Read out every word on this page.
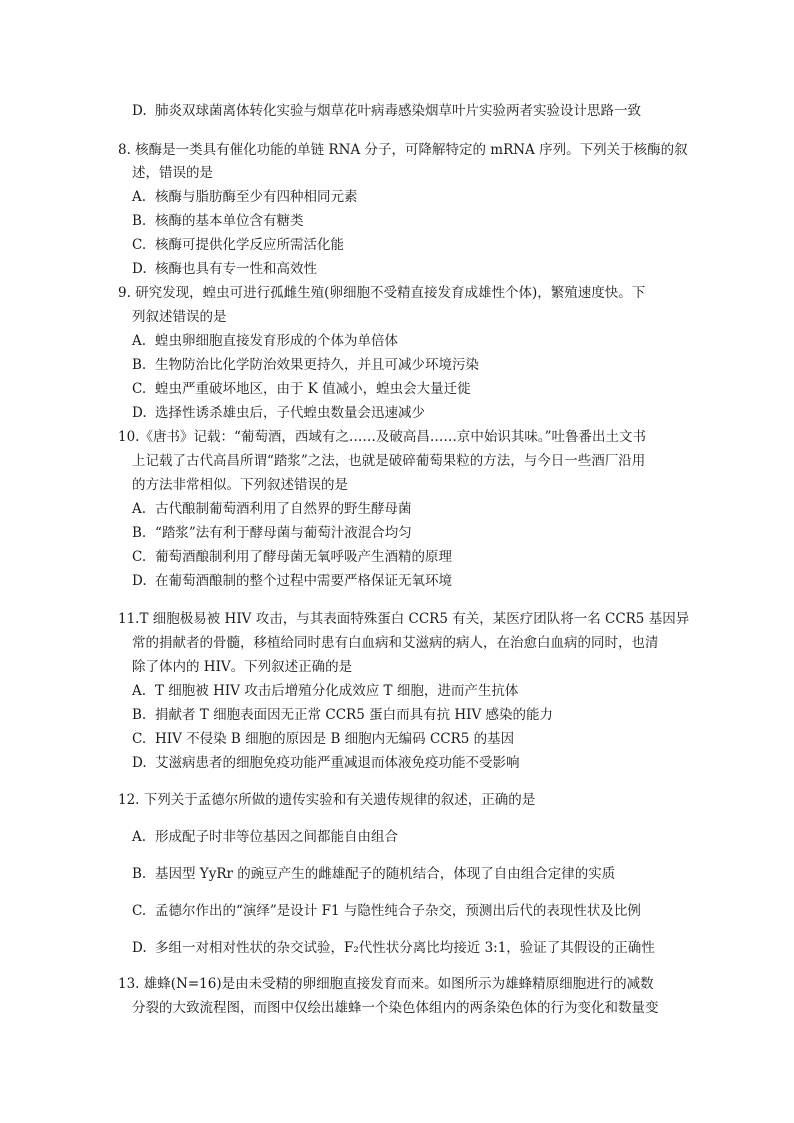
D. 肺炎双球菌离体转化实验与烟草花叶病毒感染烟草叶片实验两者实验设计思路一致
8. 核酶是一类具有催化功能的单链 RNA 分子，可降解特定的 mRNA 序列。下列关于核酶的叙
述，错误的是
A. 核酶与脂肪酶至少有四种相同元素
B. 核酶的基本单位含有糖类
C. 核酶可提供化学反应所需活化能
D. 核酶也具有专一性和高效性
9. 研究发现，蝗虫可进行孤雌生殖(卵细胞不受精直接发育成雄性个体)，繁殖速度快。下
列叙述错误的是
A. 蝗虫卵细胞直接发育形成的个体为单倍体
B. 生物防治比化学防治效果更持久，并且可减少环境污染
C. 蝗虫严重破坏地区，由于 K 值减小，蝗虫会大量迁徙
D. 选择性诱杀雄虫后，子代蝗虫数量会迅速减少
10.《唐书》记载：“葡萄酒，西域有之……及破高昌……京中始识其味。”吐鲁番出土文书
上记载了古代高昌所谓“踏浆”之法，也就是破碎葡萄果粒的方法，与今日一些酒厂沿用
的方法非常相似。下列叙述错误的是
A. 古代酿制葡萄酒利用了自然界的野生酵母菌
B. “踏浆”法有利于酵母菌与葡萄汁液混合均匀
C. 葡萄酒酿制利用了酵母菌无氧呼吸产生酒精的原理
D. 在葡萄酒酿制的整个过程中需要严格保证无氧环境
11.T 细胞极易被 HIV 攻击，与其表面特殊蛋白 CCR5 有关，某医疗团队将一名 CCR5 基因异
常的捐献者的骨髓，移植给同时患有白血病和艾滋病的病人，在治愈白血病的同时，也清
除了体内的 HIV。下列叙述正确的是
A. T 细胞被 HIV 攻击后增殖分化成效应 T 细胞，进而产生抗体
B. 捐献者 T 细胞表面因无正常 CCR5 蛋白而具有抗 HIV 感染的能力
C. HIV 不侵染 B 细胞的原因是 B 细胞内无编码 CCR5 的基因
D. 艾滋病患者的细胞免疫功能严重减退而体液免疫功能不受影响
12. 下列关于孟德尔所做的遗传实验和有关遗传规律的叙述，正确的是
A. 形成配子时非等位基因之间都能自由组合
B. 基因型 YyRr 的豌豆产生的雌雄配子的随机结合，体现了自由组合定律的实质
C. 孟德尔作出的“演绎”是设计 F1 与隐性纯合子杂交，预测出后代的表现性状及比例
D. 多组一对相对性状的杂交试验，F₂代性状分离比均接近 3:1，验证了其假设的正确性
13. 雄蜂(N=16)是由未受精的卵细胞直接发育而来。如图所示为雄蜂精原细胞进行的减数
分裂的大致流程图，而图中仅绘出雄蜂一个染色体组内的两条染色体的行为变化和数量变
